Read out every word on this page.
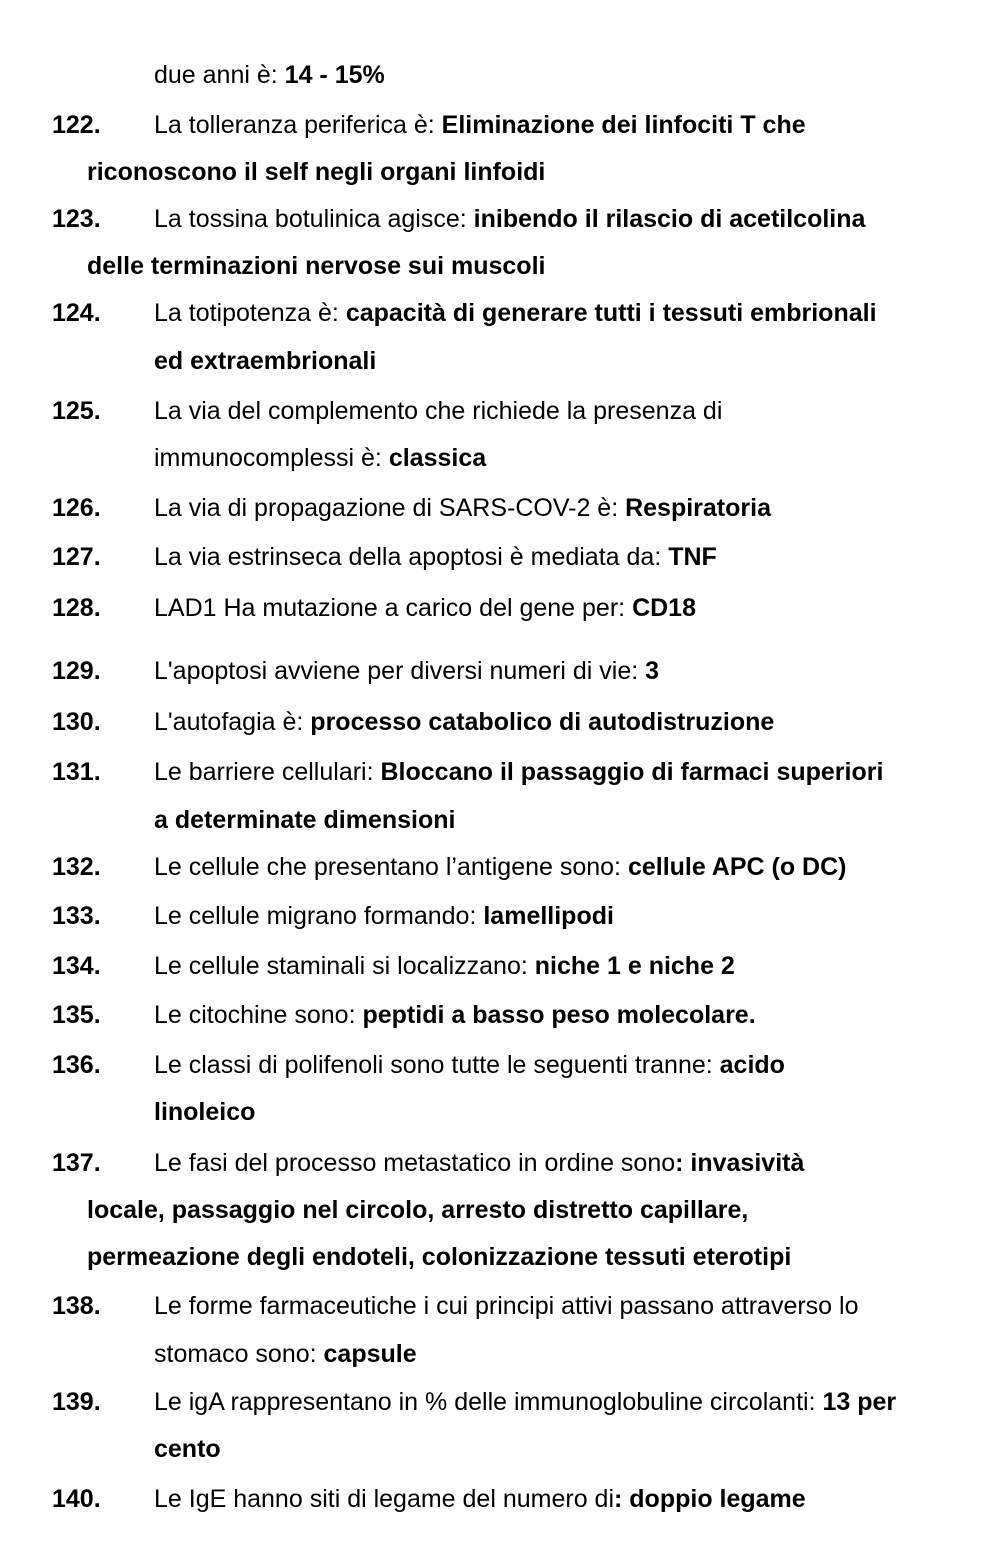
due anni è: 14 - 15%
122. La tolleranza periferica è: Eliminazione dei linfociti T che
riconoscono il self negli organi linfoidi
123. La tossina botulinica agisce: inibendo il rilascio di acetilcolina
delle terminazioni nervose sui muscoli
124. La totipotenza è: capacità di generare tutti i tessuti embrionali
ed extraembrionali
125. La via del complemento che richiede la presenza di
immunocomplessi è: classica
126. La via di propagazione di SARS-COV-2 è: Respiratoria
127. La via estrinseca della apoptosi è mediata da: TNF
128. LAD1 Ha mutazione a carico del gene per: CD18
129. L'apoptosi avviene per diversi numeri di vie: 3
130. L'autofagia è: processo catabolico di autodistruzione
131. Le barriere cellulari: Bloccano il passaggio di farmaci superiori
a determinate dimensioni
132. Le cellule che presentano l’antigene sono: cellule APC (o DC)
133. Le cellule migrano formando: lamellipodi
134. Le cellule staminali si localizzano: niche 1 e niche 2
135. Le citochine sono: peptidi a basso peso molecolare.
136. Le classi di polifenoli sono tutte le seguenti tranne: acido
linoleico
137. Le fasi del processo metastatico in ordine sono: invasività
locale, passaggio nel circolo, arresto distretto capillare,
permeazione degli endoteli, colonizzazione tessuti eterotipi
138. Le forme farmaceutiche i cui principi attivi passano attraverso lo
stomaco sono: capsule
139. Le igA rappresentano in % delle immunoglobuline circolanti: 13 per
cento
140. Le IgE hanno siti di legame del numero di: doppio legame
